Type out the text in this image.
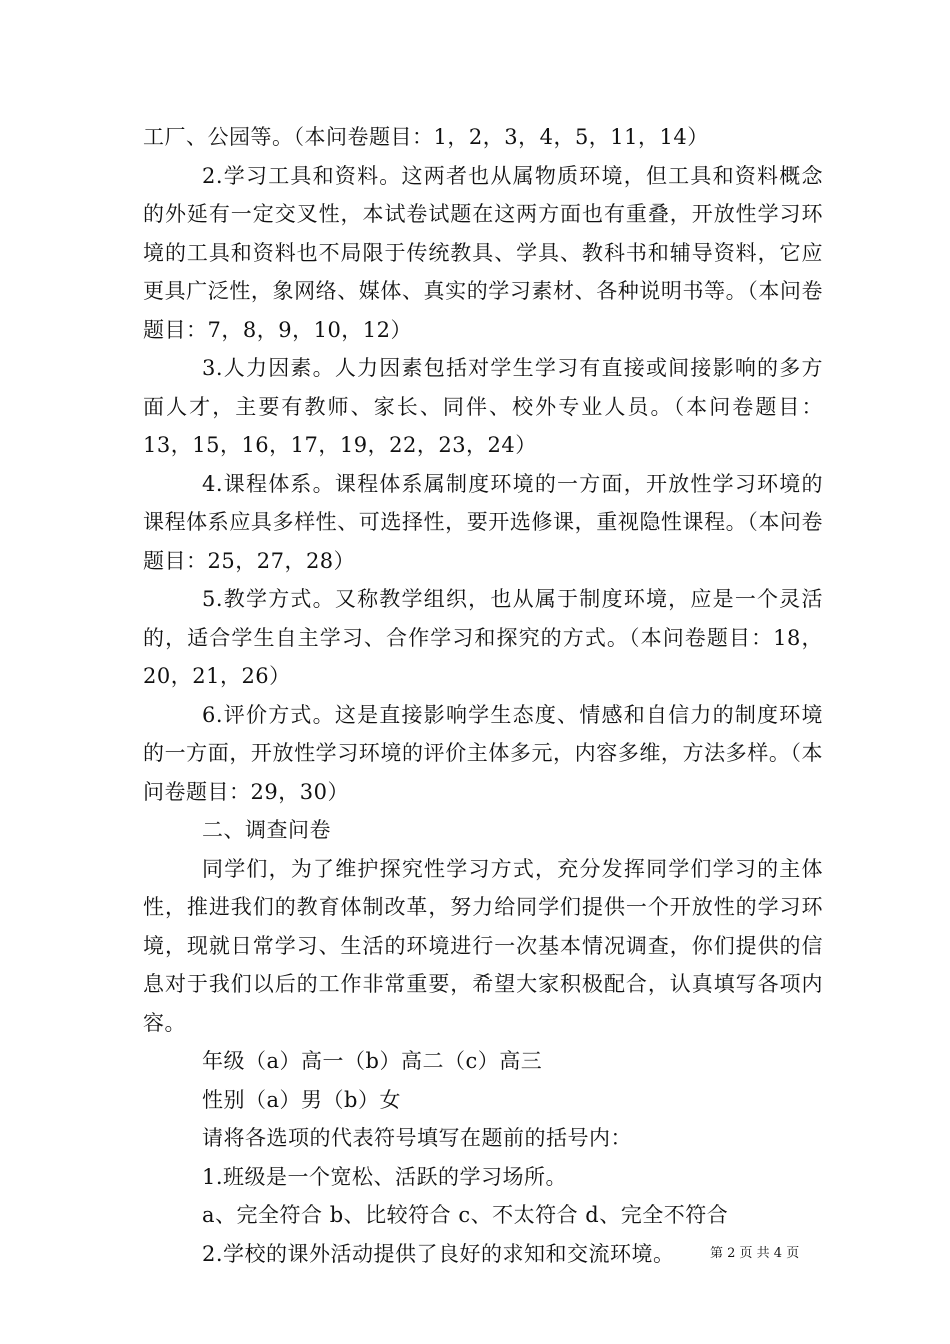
工厂、公园等。（本问卷题目：1，2，3，4，5，11，14）

2.学习工具和资料。这两者也从属物质环境，但工具和资料概念的外延有一定交叉性，本试卷试题在这两方面也有重叠，开放性学习环境的工具和资料也不局限于传统教具、学具、教科书和辅导资料，它应更具广泛性，象网络、媒体、真实的学习素材、各种说明书等。（本问卷题目：7，8，9，10，12）

3.人力因素。人力因素包括对学生学习有直接或间接影响的多方面人才，主要有教师、家长、同伴、校外专业人员。（本问卷题目：13，15，16，17，19，22，23，24）

4.课程体系。课程体系属制度环境的一方面，开放性学习环境的课程体系应具多样性、可选择性，要开选修课，重视隐性课程。（本问卷题目：25，27，28）

5.教学方式。又称教学组织，也从属于制度环境，应是一个灵活的，适合学生自主学习、合作学习和探究的方式。（本问卷题目：18，20，21，26）

6.评价方式。这是直接影响学生态度、情感和自信力的制度环境的一方面，开放性学习环境的评价主体多元，内容多维，方法多样。（本问卷题目：29，30）

二、调查问卷

同学们，为了维护探究性学习方式，充分发挥同学们学习的主体性，推进我们的教育体制改革，努力给同学们提供一个开放性的学习环境，现就日常学习、生活的环境进行一次基本情况调查，你们提供的信息对于我们以后的工作非常重要，希望大家积极配合，认真填写各项内容。

年级（a）高一（b）高二（c）高三

性别（a）男（b）女

请将各选项的代表符号填写在题前的括号内：

1.班级是一个宽松、活跃的学习场所。

a、完全符合 b、比较符合 c、不太符合 d、完全不符合

2.学校的课外活动提供了良好的求知和交流环境。	第 2 页 共 4 页
